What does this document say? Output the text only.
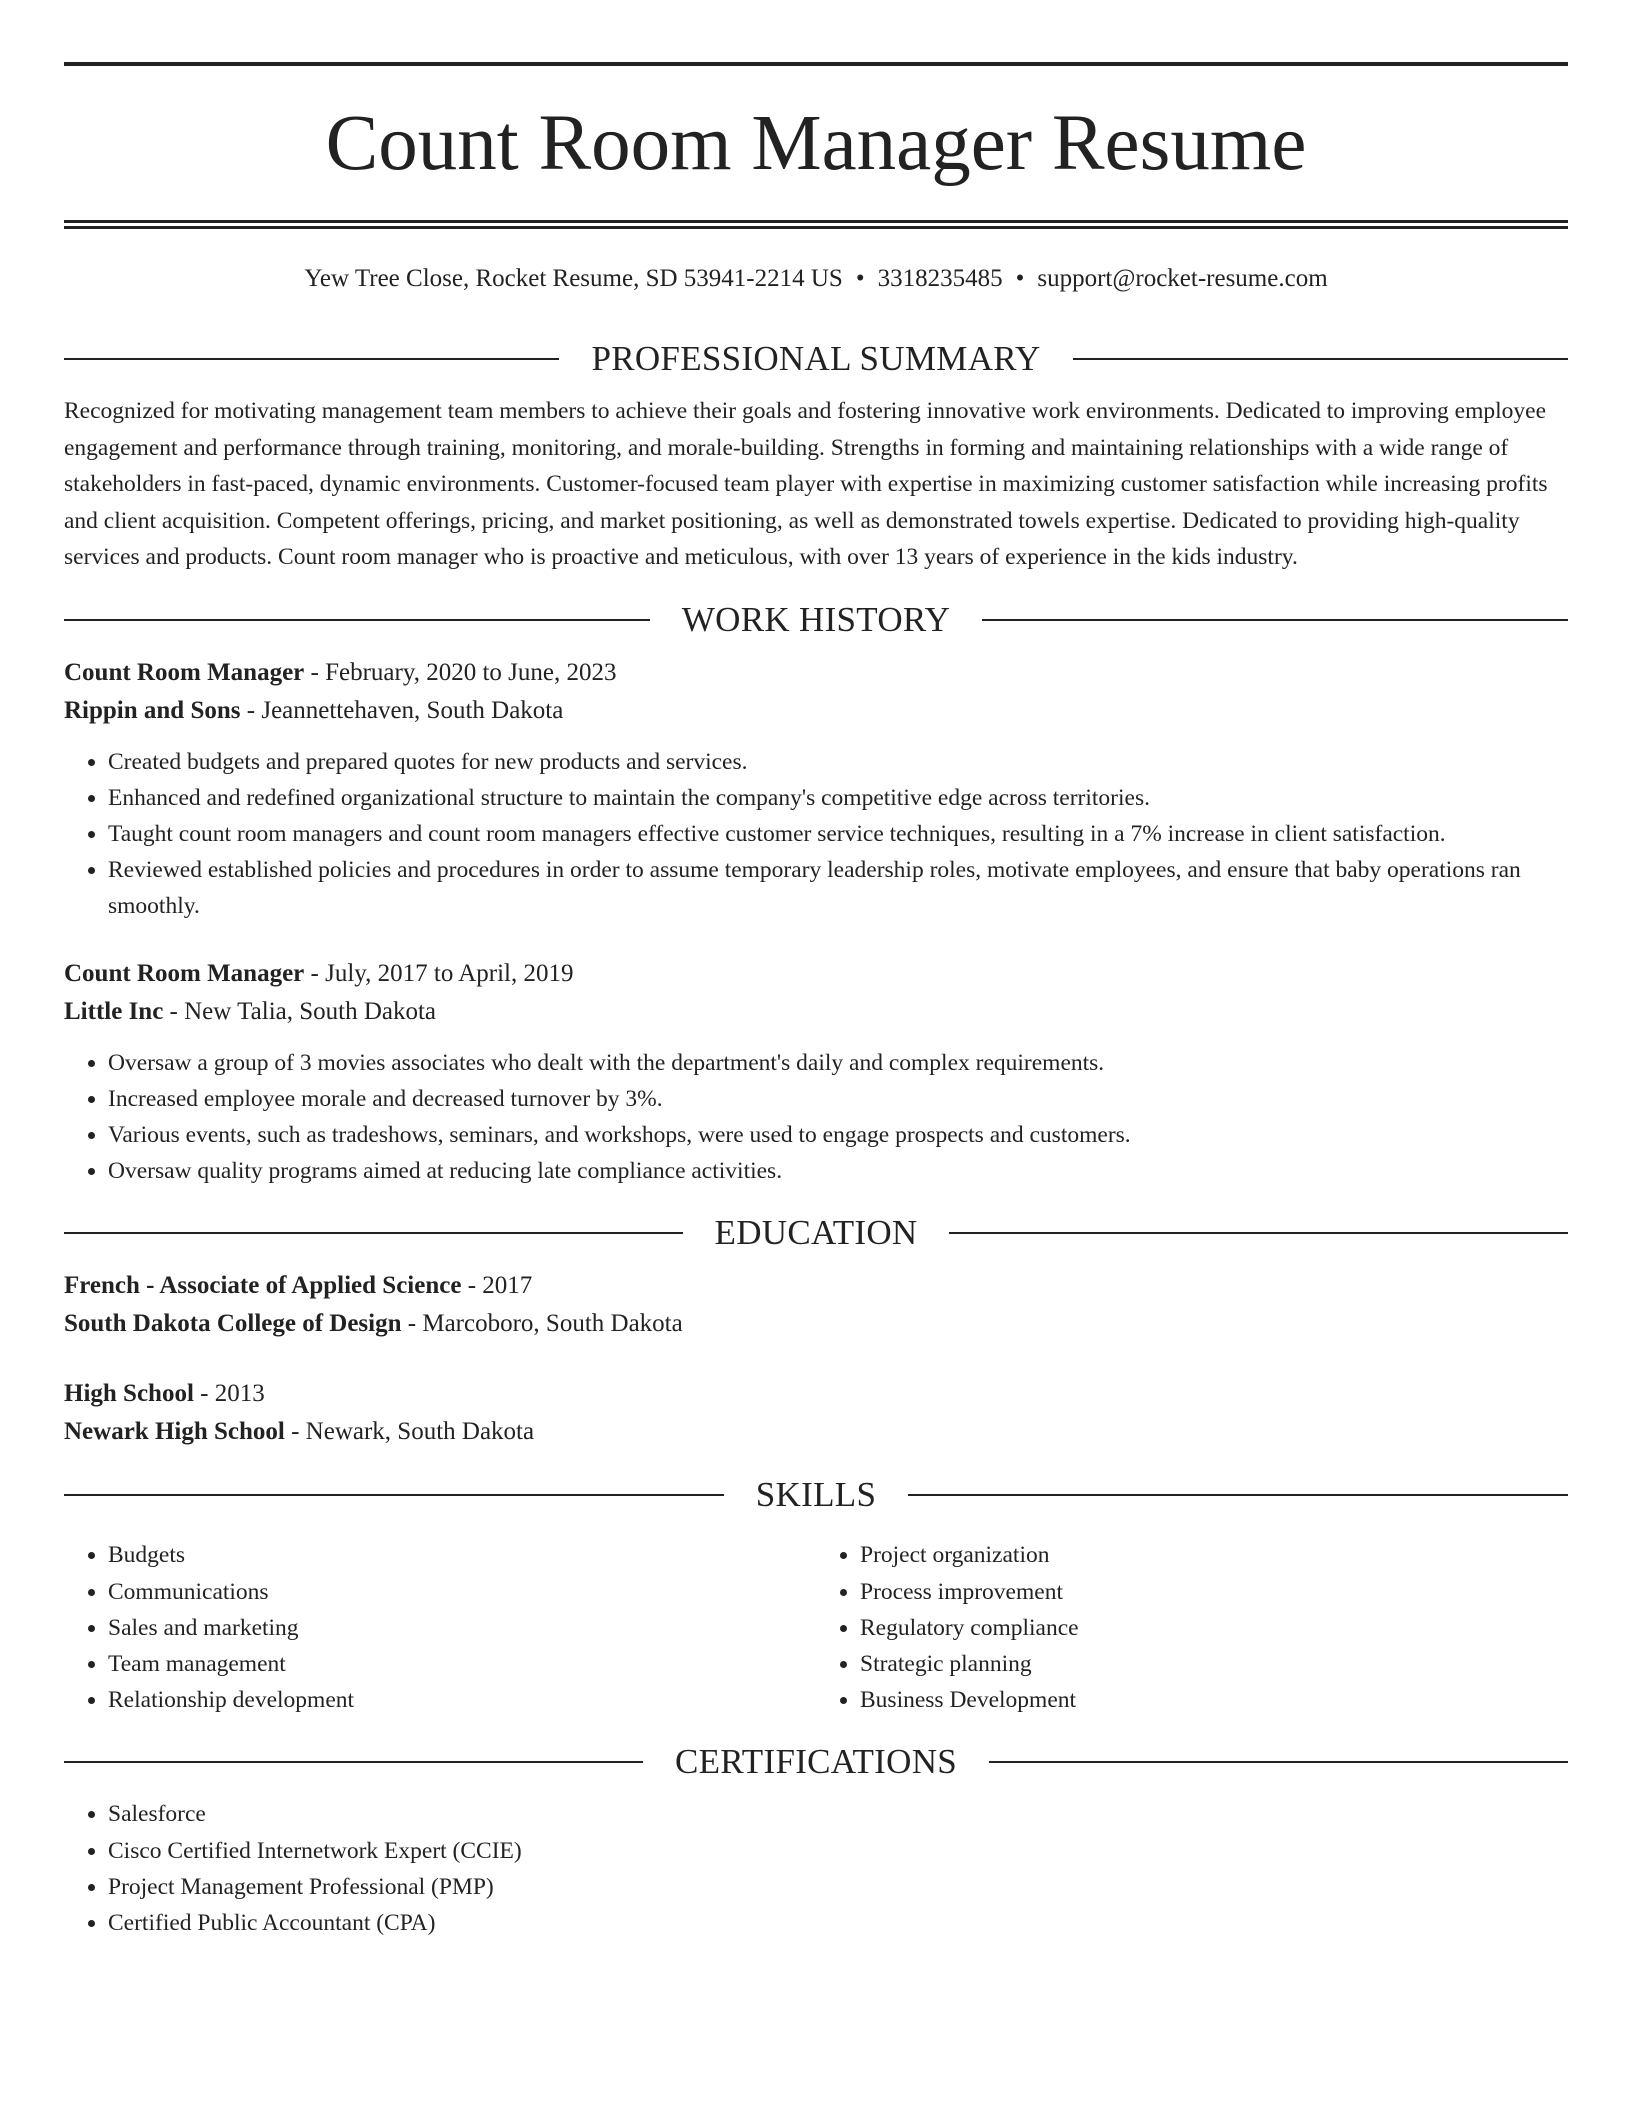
Count Room Manager Resume
Yew Tree Close, Rocket Resume, SD 53941-2214 US • 3318235485 • support@rocket-resume.com
PROFESSIONAL SUMMARY

Recognized for motivating management team members to achieve their goals and fostering innovative work environments. Dedicated to improving employee engagement and performance through training, monitoring, and morale-building. Strengths in forming and maintaining relationships with a wide range of stakeholders in fast-paced, dynamic environments. Customer-focused team player with expertise in maximizing customer satisfaction while increasing profits and client acquisition. Competent offerings, pricing, and market positioning, as well as demonstrated towels expertise. Dedicated to providing high-quality services and products. Count room manager who is proactive and meticulous, with over 13 years of experience in the kids industry.

WORK HISTORY
Count Room Manager - February, 2020 to June, 2023
Rippin and Sons - Jeannettehaven, South Dakota
• Created budgets and prepared quotes for new products and services.
• Enhanced and redefined organizational structure to maintain the company's competitive edge across territories.
• Taught count room managers and count room managers effective customer service techniques, resulting in a 7% increase in client satisfaction.
• Reviewed established policies and procedures in order to assume temporary leadership roles, motivate employees, and ensure that baby operations ran smoothly.
Count Room Manager - July, 2017 to April, 2019
Little Inc - New Talia, South Dakota
• Oversaw a group of 3 movies associates who dealt with the department's daily and complex requirements.
• Increased employee morale and decreased turnover by 3%.
• Various events, such as tradeshows, seminars, and workshops, were used to engage prospects and customers.
• Oversaw quality programs aimed at reducing late compliance activities.
EDUCATION
French - Associate of Applied Science - 2017
South Dakota College of Design - Marcoboro, South Dakota
High School - 2013
Newark High School - Newark, South Dakota
SKILLS
• Budgets
• Communications
• Sales and marketing
• Team management
• Relationship development
• Project organization
• Process improvement
• Regulatory compliance
• Strategic planning
• Business Development
CERTIFICATIONS
• Salesforce
• Cisco Certified Internetwork Expert (CCIE)
• Project Management Professional (PMP)
• Certified Public Accountant (CPA)
